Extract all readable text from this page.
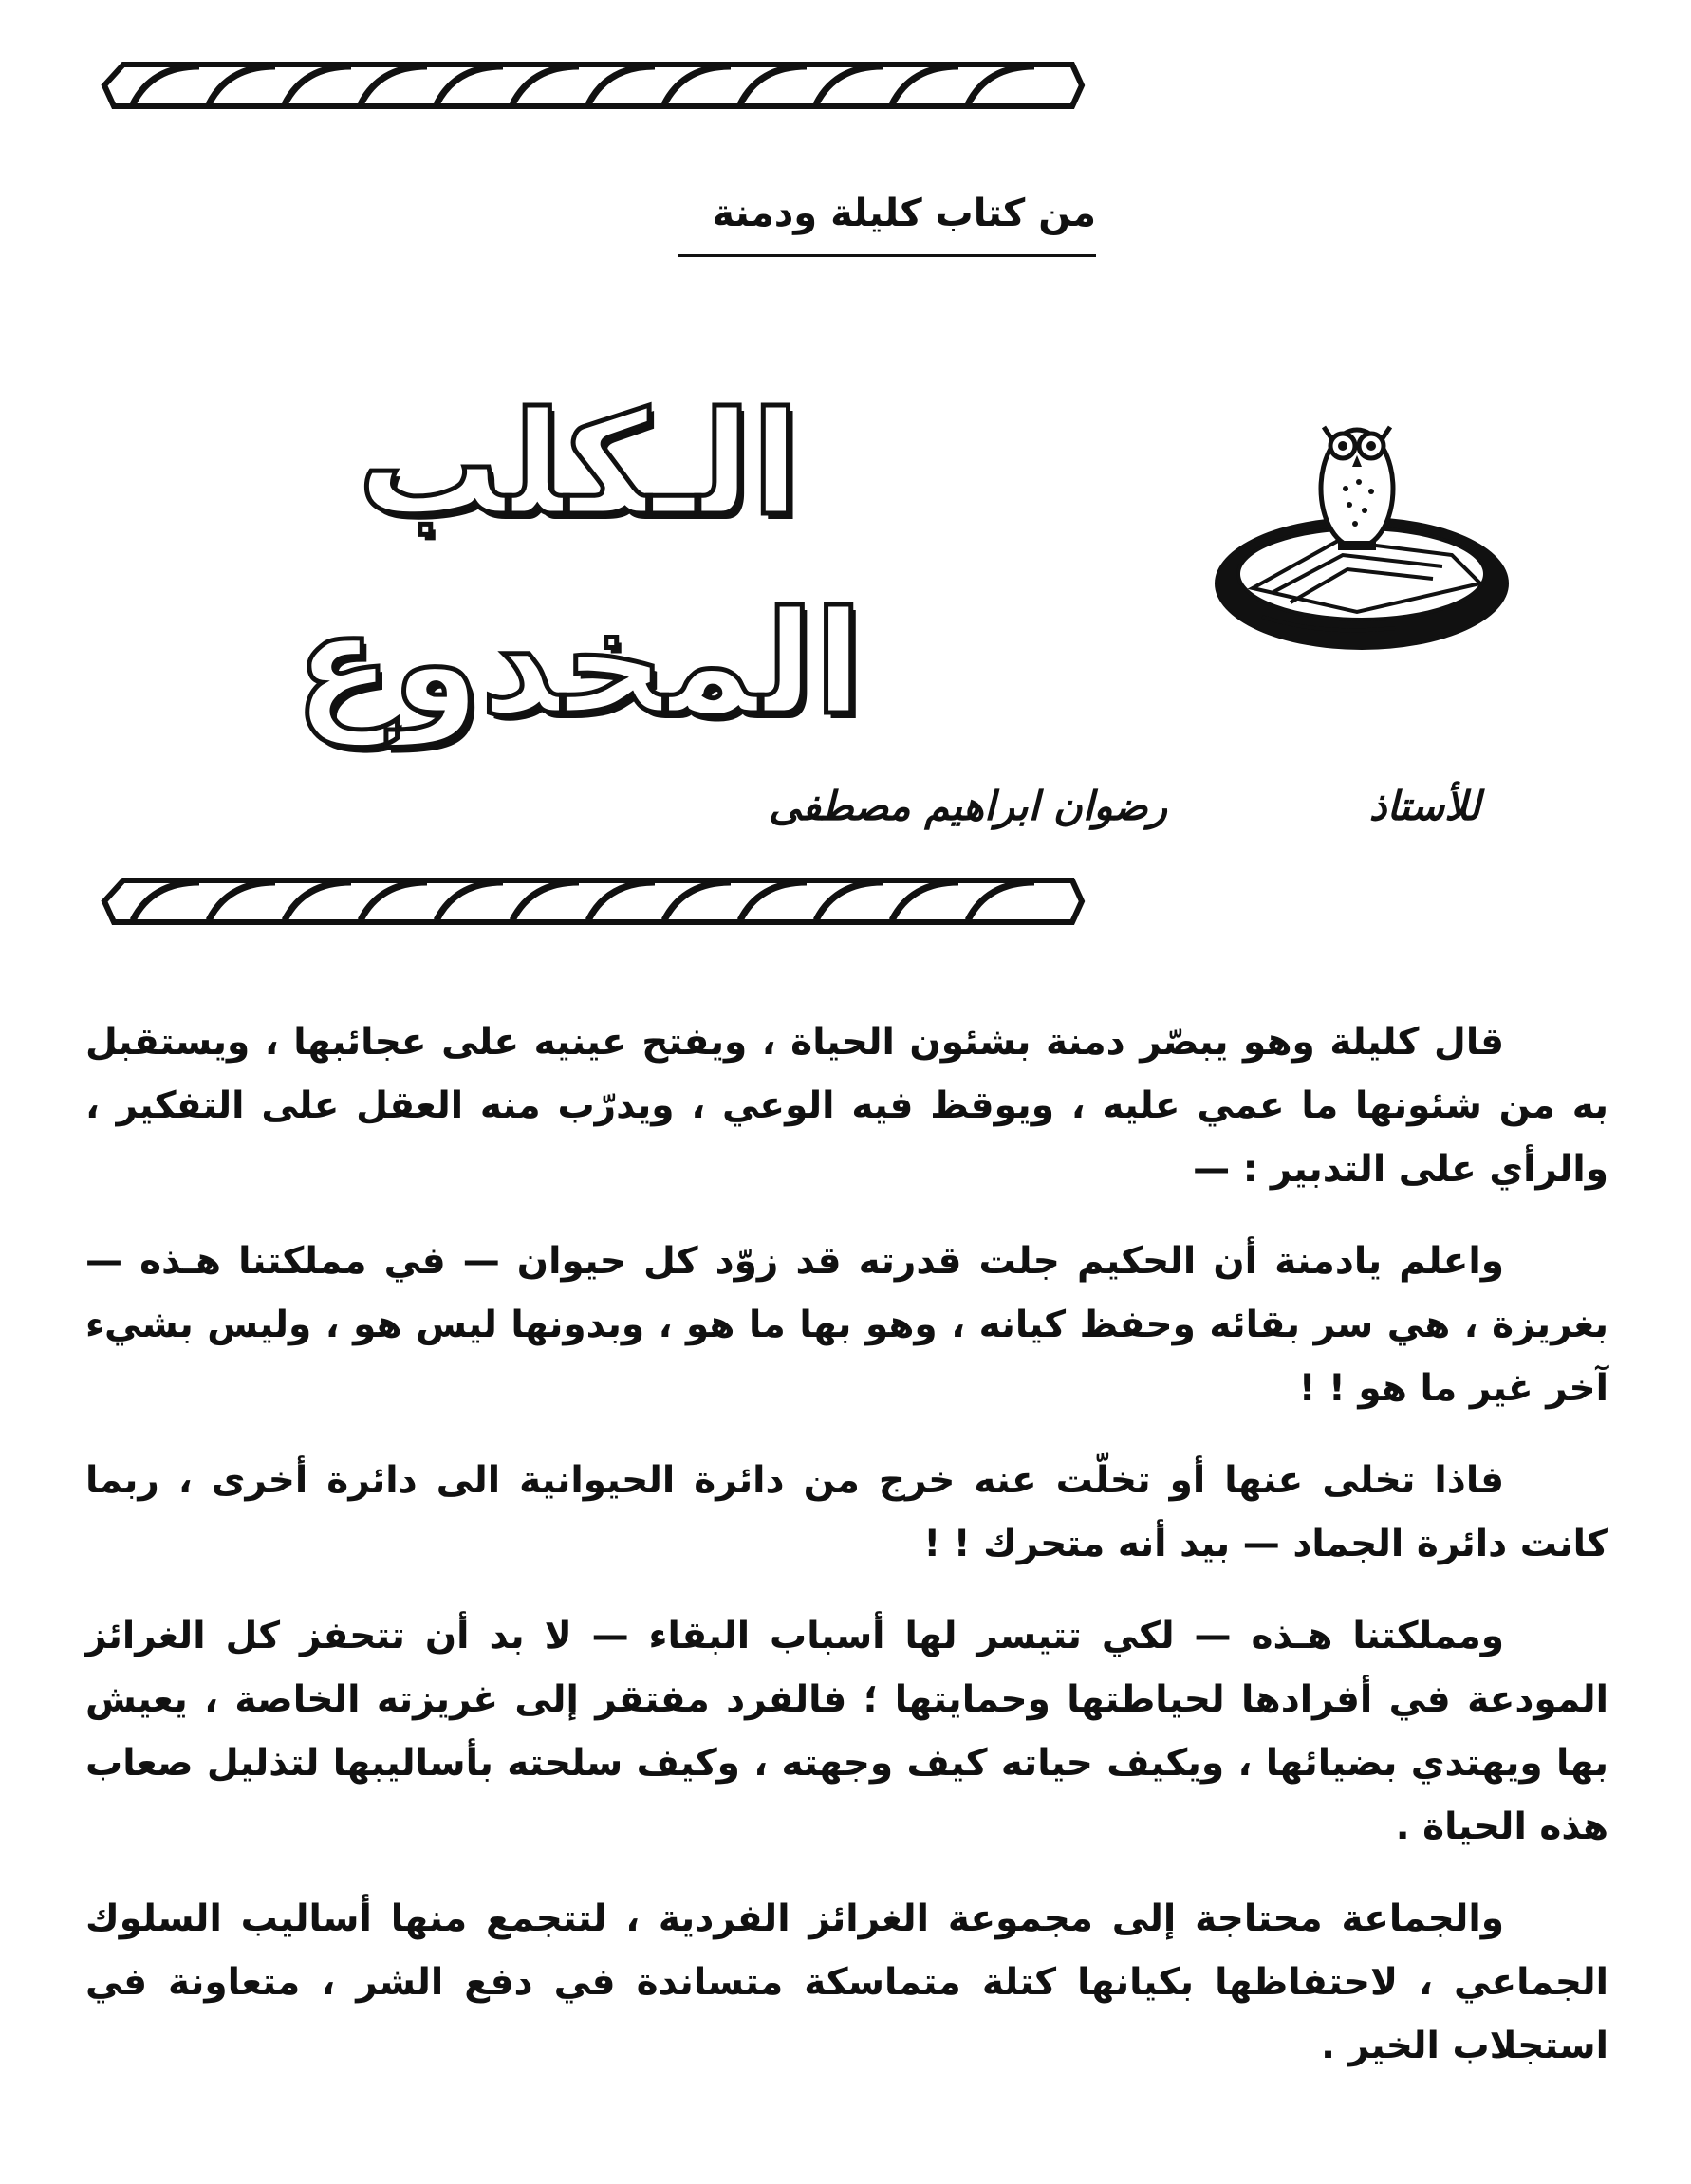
من كتاب كليلة ودمنة
الـكلب المخدوع
للأستاذ
رضوان ابراهيم مصطفى

قال كليلة وهو يبصّر دمنة بشئون الحياة ، ويفتح عينيه على عجائبها ، ويستقبل به من شئونها ما عمي عليه ، ويوقظ فيه الوعي ، ويدرّب منه العقل على التفكير ، والرأي على التدبير : —

واعلم يادمنة أن الحكيم جلت قدرته قد زوّد كل حيوان — في مملكتنا هـذه — بغريزة ، هي سر بقائه وحفظ كيانه ، وهو بها ما هو ، وبدونها ليس هو ، وليس بشيء آخر غير ما هو ! !

فاذا تخلى عنها أو تخلّت عنه خرج من دائرة الحيوانية الى دائرة أخرى ، ربما كانت دائرة الجماد — بيد أنه متحرك ! !

ومملكتنا هـذه — لكي تتيسر لها أسباب البقاء — لا بد أن تتحفز كل الغرائز المودعة في أفرادها لحياطتها وحمايتها ؛ فالفرد مفتقر إلى غريزته الخاصة ، يعيش بها ويهتدي بضيائها ، ويكيف حياته كيف وجهته ، وكيف سلحته بأساليبها لتذليل صعاب هذه الحياة .

والجماعة محتاجة إلى مجموعة الغرائز الفردية ، لتتجمع منها أساليب السلوك الجماعي ، لاحتفاظها بكيانها كتلة متماسكة متساندة في دفع الشر ، متعاونة في استجلاب الخير .
